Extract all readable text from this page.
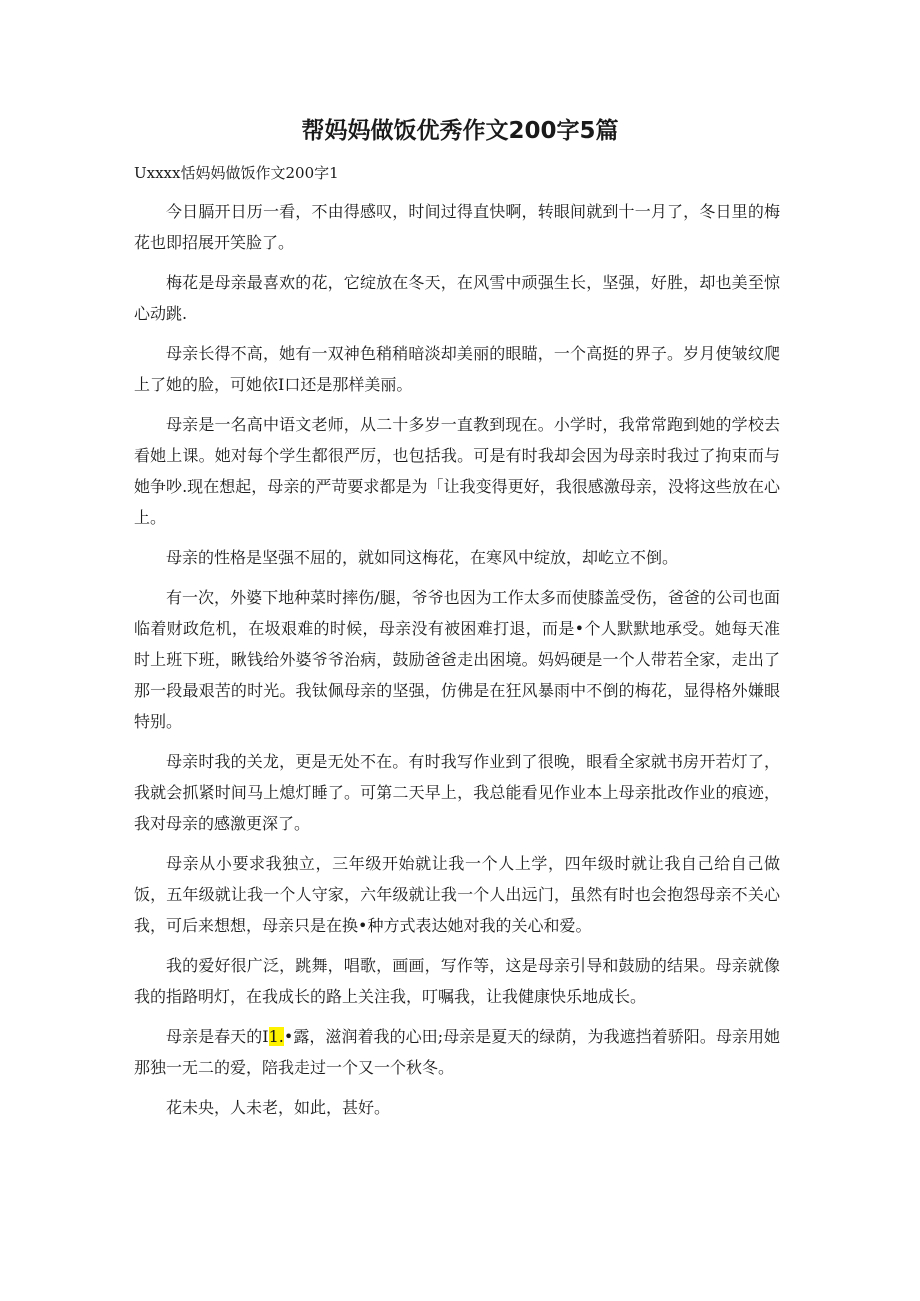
帮妈妈做饭优秀作文200字5篇

Uxxxx恬妈妈做饭作文200字1

今日膈开日历一看，不由得感叹，时间过得直快啊，转眼间就到十一月了，冬日里的梅花也即招展开笑脸了。

梅花是母亲最喜欢的花，它绽放在冬天，在风雪中顽强生长，坚强，好胜，却也美至惊心动跳.

母亲长得不高，她有一双神色稍稍暗淡却美丽的眼瞄，一个高挺的界子。岁月使皱纹爬上了她的脸，可她依I口还是那样美丽。

母亲是一名高中语文老师，从二十多岁一直教到现在。小学时，我常常跑到她的学校去看她上课。她对每个学生都很严厉，也包括我。可是有时我却会因为母亲时我过了拘束而与她争吵.现在想起，母亲的严苛要求都是为「让我变得更好，我很感激母亲，没将这些放在心上。

母亲的性格是坚强不屈的，就如同这梅花，在寒风中绽放，却屹立不倒。

有一次，外婆下地种菜时摔伤/腿，爷爷也因为工作太多而使膝盖受伤，爸爸的公司也面临着财政危机，在圾艰难的时候，母亲没有被困难打退，而是•个人默默地承受。她每天准时上班下班，瞅钱给外婆爷爷治病，鼓励爸爸走出困境。妈妈硬是一个人带若全家，走出了那一段最艰苦的时光。我钛佩母亲的坚强，仿佛是在狂风暴雨中不倒的梅花，显得格外嫌眼特别。

母亲时我的关龙，更是无处不在。有时我写作业到了很晚，眼看全家就书房开若灯了，我就会抓紧时间马上熄灯睡了。可第二天早上，我总能看见作业本上母亲批改作业的痕迹，我对母亲的感激更深了。

母亲从小要求我独立，三年级开始就让我一个人上学，四年级时就让我自己给自己做饭，五年级就让我一个人守家，六年级就让我一个人出远门，虽然有时也会抱怨母亲不关心我，可后来想想，母亲只是在换•种方式表达她对我的关心和爱。

我的爱好很广泛，跳舞，唱歌，画画，写作等，这是母亲引导和鼓励的结果。母亲就像我的指路明灯，在我成长的路上关注我，叮嘱我，让我健康快乐地成长。

母亲是春天的I1.•露，滋润着我的心田;母亲是夏天的绿荫，为我遮挡着骄阳。母亲用她那独一无二的爱，陪我走过一个又一个秋冬。

花未央，人未老，如此，甚好。
